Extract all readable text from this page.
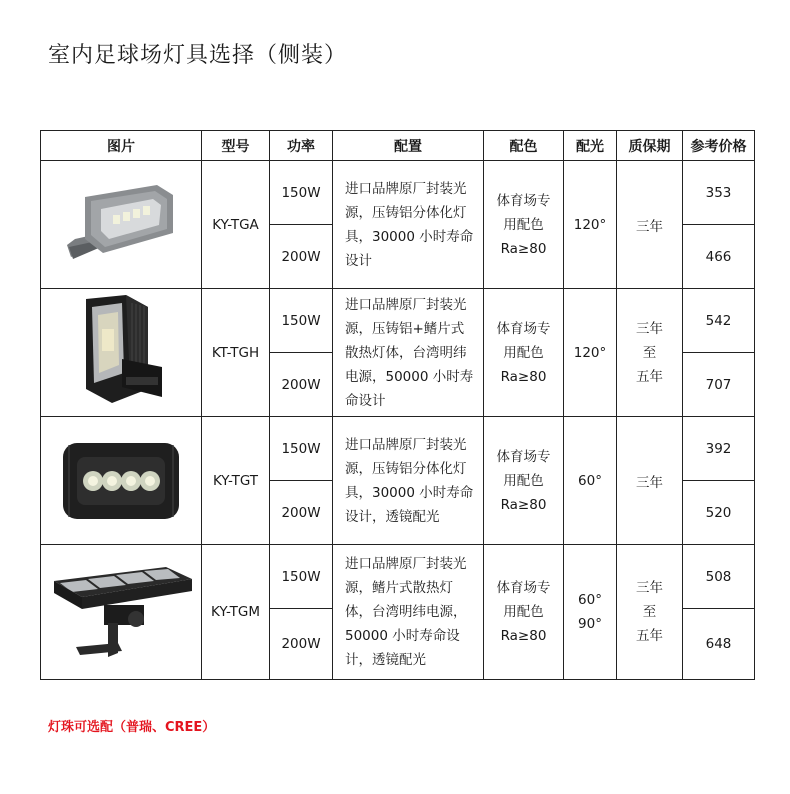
室内足球场灯具选择（侧装）
图片	型号	功率	配置	配色	配光	质保期	参考价格

	KY-TGA	150W	进口品牌原厂封装光
源，压铸铝分体化灯
具，30000 小时寿命
设计	体育场专
用配色
Ra≥80	120°	三年	353
		200W					466

	KT-TGH	150W	进口品牌原厂封装光
源，压铸铝+鳍片式
散热灯体，台湾明纬
电源，50000 小时寿
命设计	体育场专
用配色
Ra≥80	120°	三年
至
五年	542
		200W					707

	KY-TGT	150W	进口品牌原厂封装光
源，压铸铝分体化灯
具，30000 小时寿命
设计，透镜配光	体育场专
用配色
Ra≥80	60°	三年	392
		200W					520

	KY-TGM	150W	进口品牌原厂封装光
源，鳍片式散热灯
体，台湾明纬电源，
50000 小时寿命设
计，透镜配光	体育场专
用配色
Ra≥80	60°
90°	三年
至
五年	508
		200W					648
灯珠可选配（普瑞、CREE）
